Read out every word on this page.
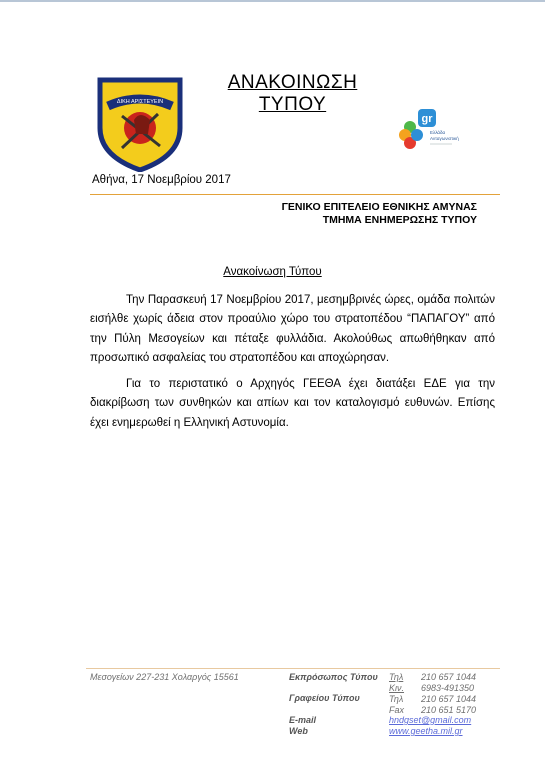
ΔΙΚΗ ΑΡΙΣΤΕΥΕΙΝ
ΑΝΑΚΟΙΝΩΣΗ
ΤΥΠΟΥ
gr
Ελλάδα
Ανταγωνιστική
Αθήνα, 17 Νοεμβρίου 2017
ΓΕΝΙΚΟ ΕΠΙΤΕΛΕΙΟ ΕΘΝΙΚΗΣ ΑΜΥΝΑΣ
ΤΜΗΜΑ ΕΝΗΜΕΡΩΣΗΣ ΤΥΠΟΥ
Ανακοίνωση Τύπου
Την Παρασκευή 17 Νοεμβρίου 2017, μεσημβρινές ώρες, ομάδα πολιτών εισήλθε χωρίς άδεια στον προαύλιο χώρο του στρατοπέδου “ΠΑΠΑΓΟΥ” από την Πύλη Μεσογείων και πέταξε φυλλάδια. Ακολούθως απωθήθηκαν από προσωπικό ασφαλείας του στρατοπέδου και αποχώρησαν.
Για το περιστατικό ο Αρχηγός ΓΕΕΘΑ έχει διατάξει ΕΔΕ για την διακρίβωση των συνθηκών και απίων και τον καταλογισμό ευθυνών. Επίσης έχει ενημερωθεί η Ελληνική Αστυνομία.
Μεσογείων 227-231 Χολαργός 15561	Εκπρόσωπος Τύπου
Γραφείου Τύπου
E-mail
Web
Τηλ 210 657 1044
Κιν. 6983-491350
Τηλ 210 657 1044
Fax 210 651 5170
hndgset@gmail.com
www.geetha.mil.gr
